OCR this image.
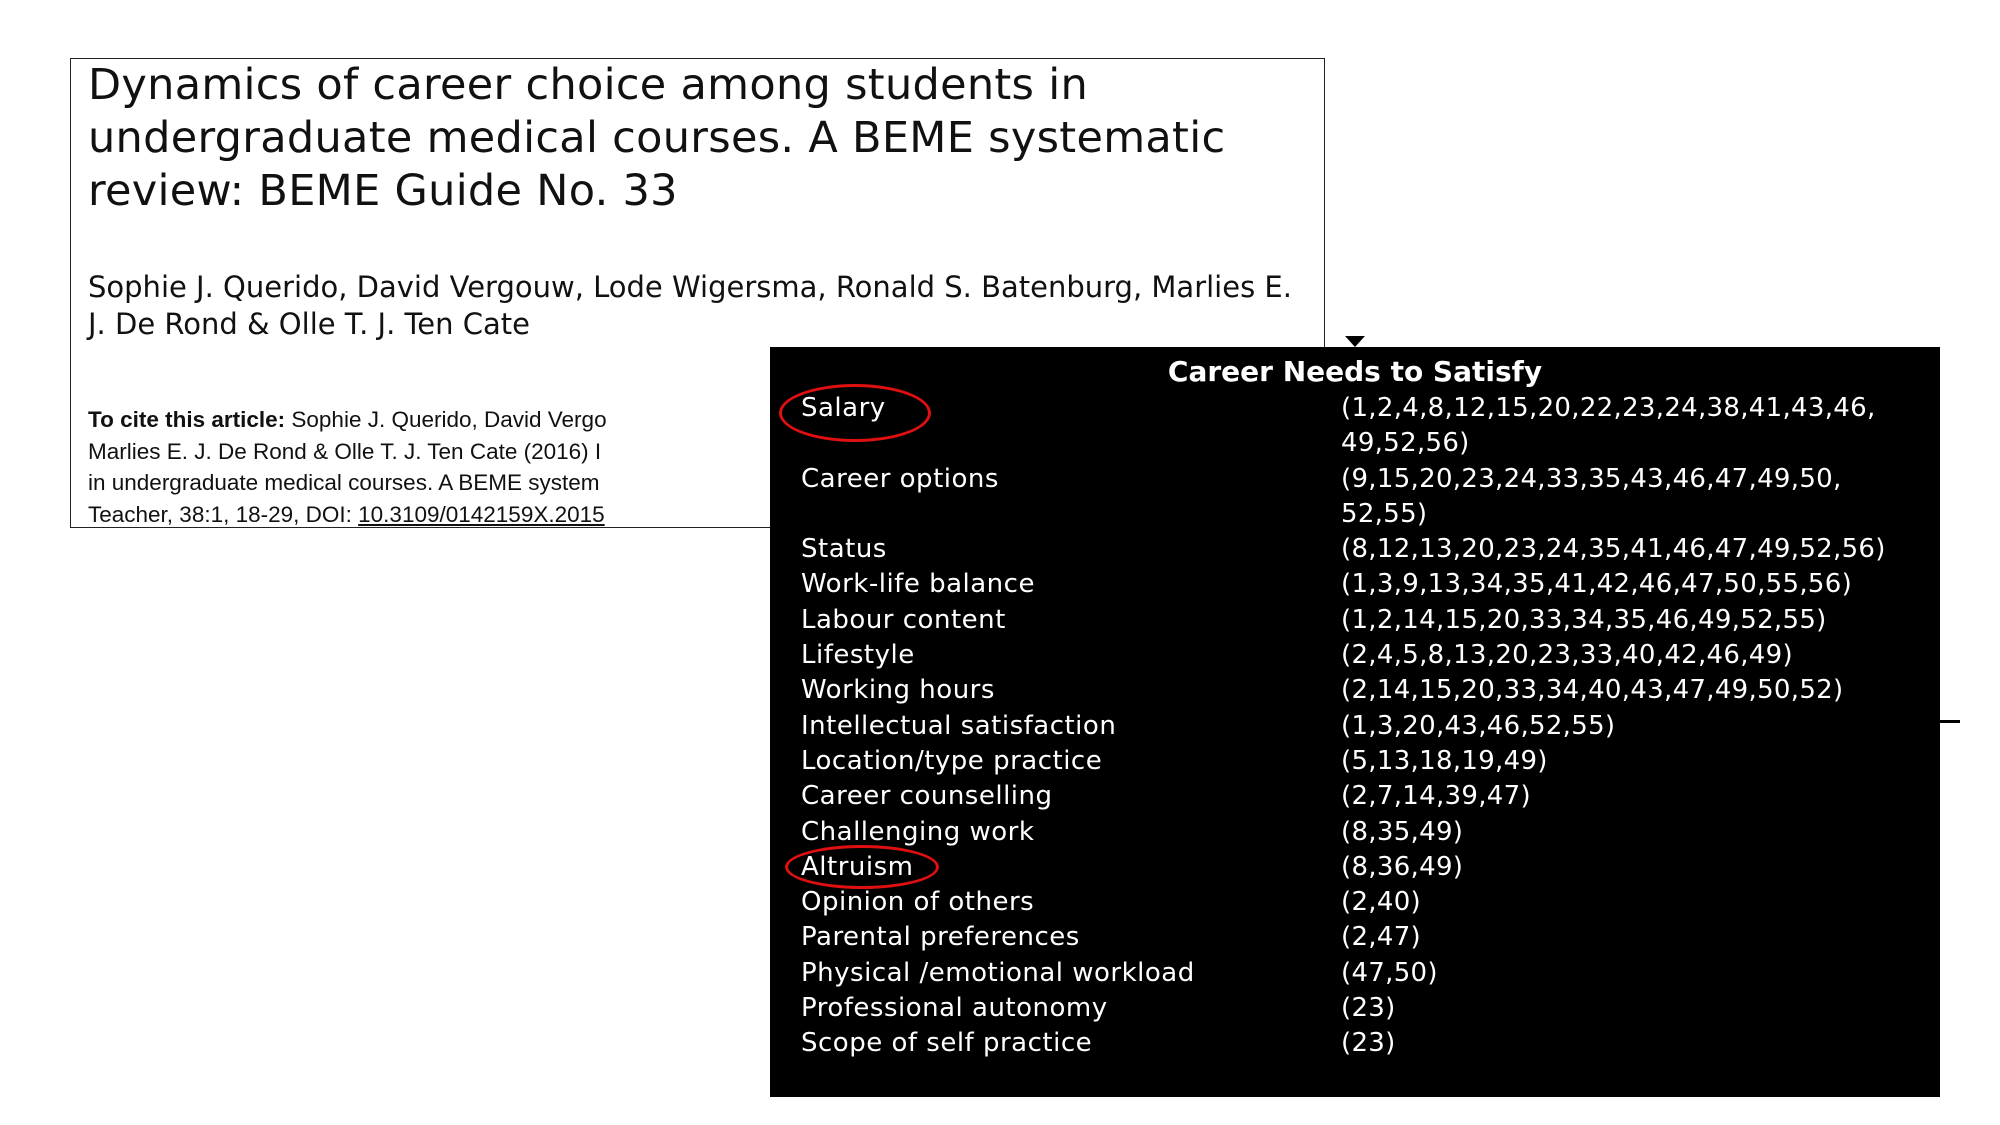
Dynamics of career choice among students in undergraduate medical courses. A BEME systematic review: BEME Guide No. 33

Sophie J. Querido, David Vergouw, Lode Wigersma, Ronald S. Batenburg, Marlies E. J. De Rond & Olle T. J. Ten Cate

To cite this article: Sophie J. Querido, David Vergo
Marlies E. J. De Rond & Olle T. J. Ten Cate (2016) I
in undergraduate medical courses. A BEME system
Teacher, 38:1, 18-29, DOI: 10.3109/0142159X.2015

Career Needs to Satisfy
Salary	(1,2,4,8,12,15,20,22,23,24,38,41,43,46,
49,52,56)
Career options	(9,15,20,23,24,33,35,43,46,47,49,50,
52,55)
Status	(8,12,13,20,23,24,35,41,46,47,49,52,56)
Work-life balance	(1,3,9,13,34,35,41,42,46,47,50,55,56)
Labour content	(1,2,14,15,20,33,34,35,46,49,52,55)
Lifestyle	(2,4,5,8,13,20,23,33,40,42,46,49)
Working hours	(2,14,15,20,33,34,40,43,47,49,50,52)
Intellectual satisfaction	(1,3,20,43,46,52,55)
Location/type practice	(5,13,18,19,49)
Career counselling	(2,7,14,39,47)
Challenging work	(8,35,49)
Altruism	(8,36,49)
Opinion of others	(2,40)
Parental preferences	(2,47)
Physical /emotional workload	(47,50)
Professional autonomy	(23)
Scope of self practice	(23)
